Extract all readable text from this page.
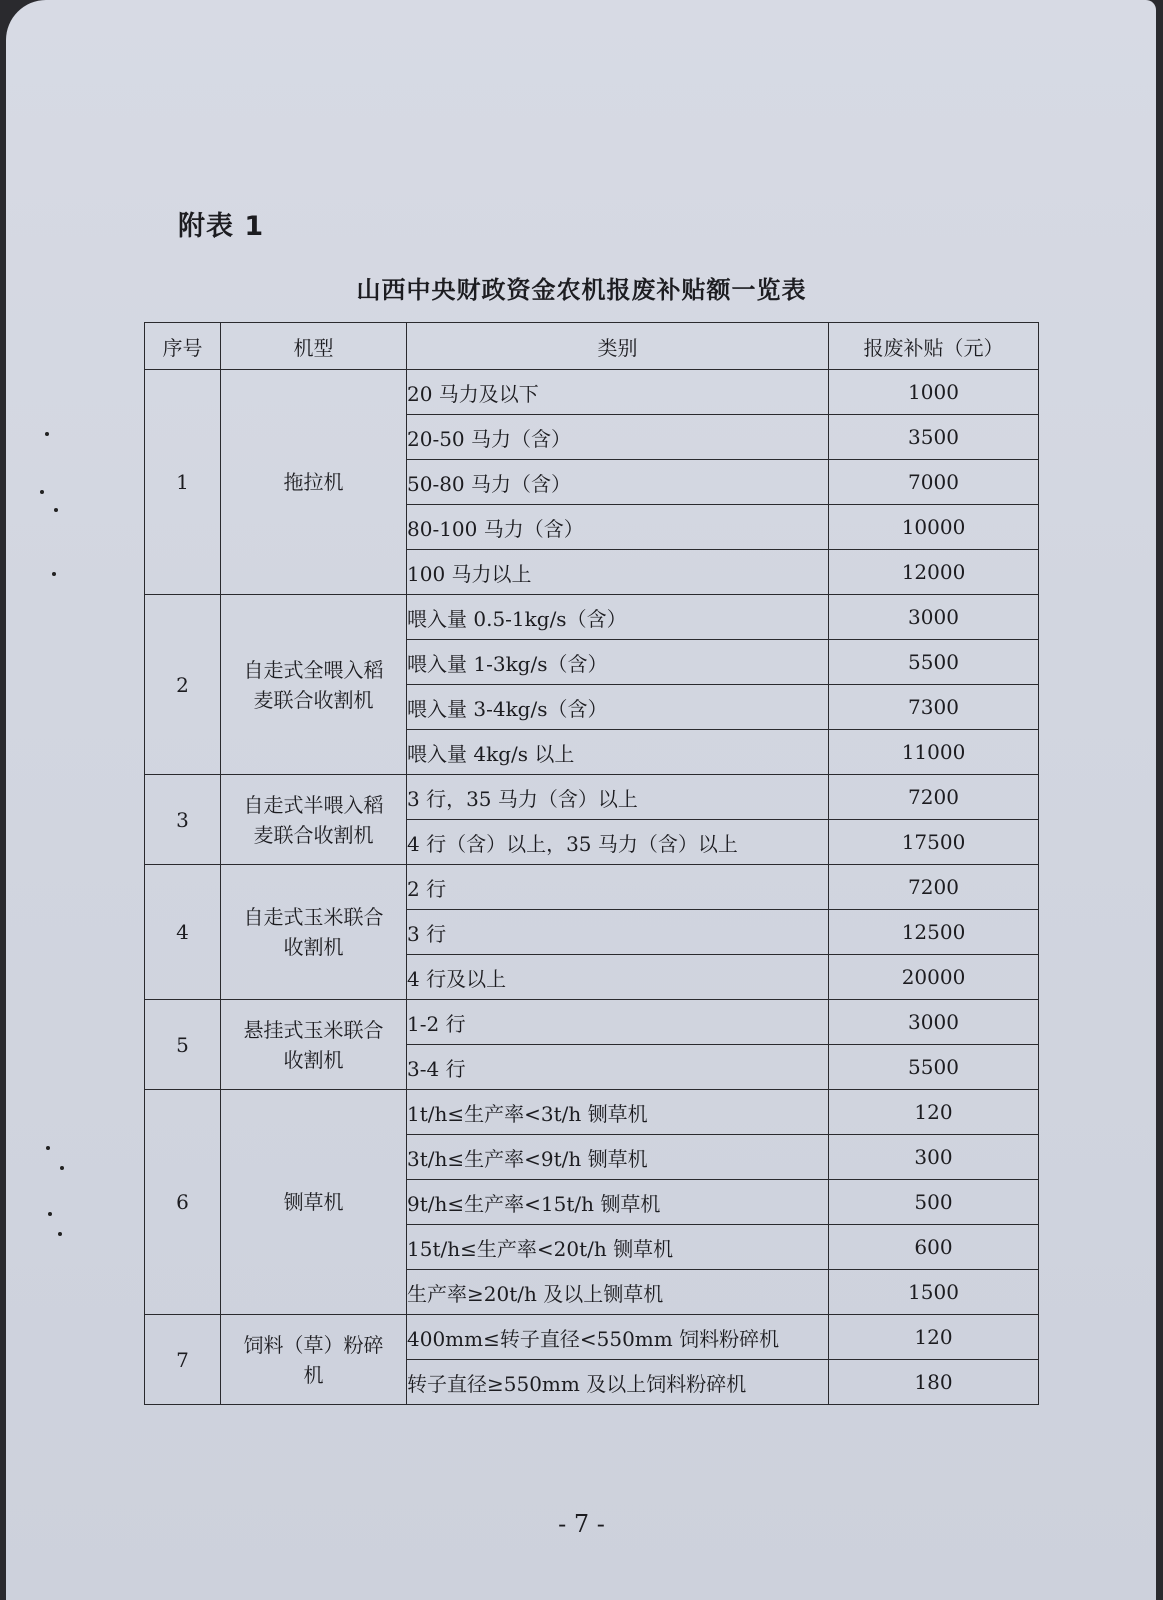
附表 1
山西中央财政资金农机报废补贴额一览表
序号	机型	类别	报废补贴（元）
1	拖拉机	20 马力及以下	1000
		20-50 马力（含）	3500
		50-80 马力（含）	7000
		80-100 马力（含）	10000
		100 马力以上	12000
2	自走式全喂入稻麦联合收割机	喂入量 0.5-1kg/s（含）	3000
		喂入量 1-3kg/s（含）	5500
		喂入量 3-4kg/s（含）	7300
		喂入量 4kg/s 以上	11000
3	自走式半喂入稻麦联合收割机	3 行，35 马力（含）以上	7200
		4 行（含）以上，35 马力（含）以上	17500
4	自走式玉米联合收割机	2 行	7200
		3 行	12500
		4 行及以上	20000
5	悬挂式玉米联合收割机	1-2 行	3000
		3-4 行	5500
6	铡草机	1t/h≤生产率<3t/h 铡草机	120
		3t/h≤生产率<9t/h 铡草机	300
		9t/h≤生产率<15t/h 铡草机	500
		15t/h≤生产率<20t/h 铡草机	600
		生产率≥20t/h 及以上铡草机	1500
7	饲料（草）粉碎机	400mm≤转子直径<550mm 饲料粉碎机	120
		转子直径≥550mm 及以上饲料粉碎机	180
- 7 -
